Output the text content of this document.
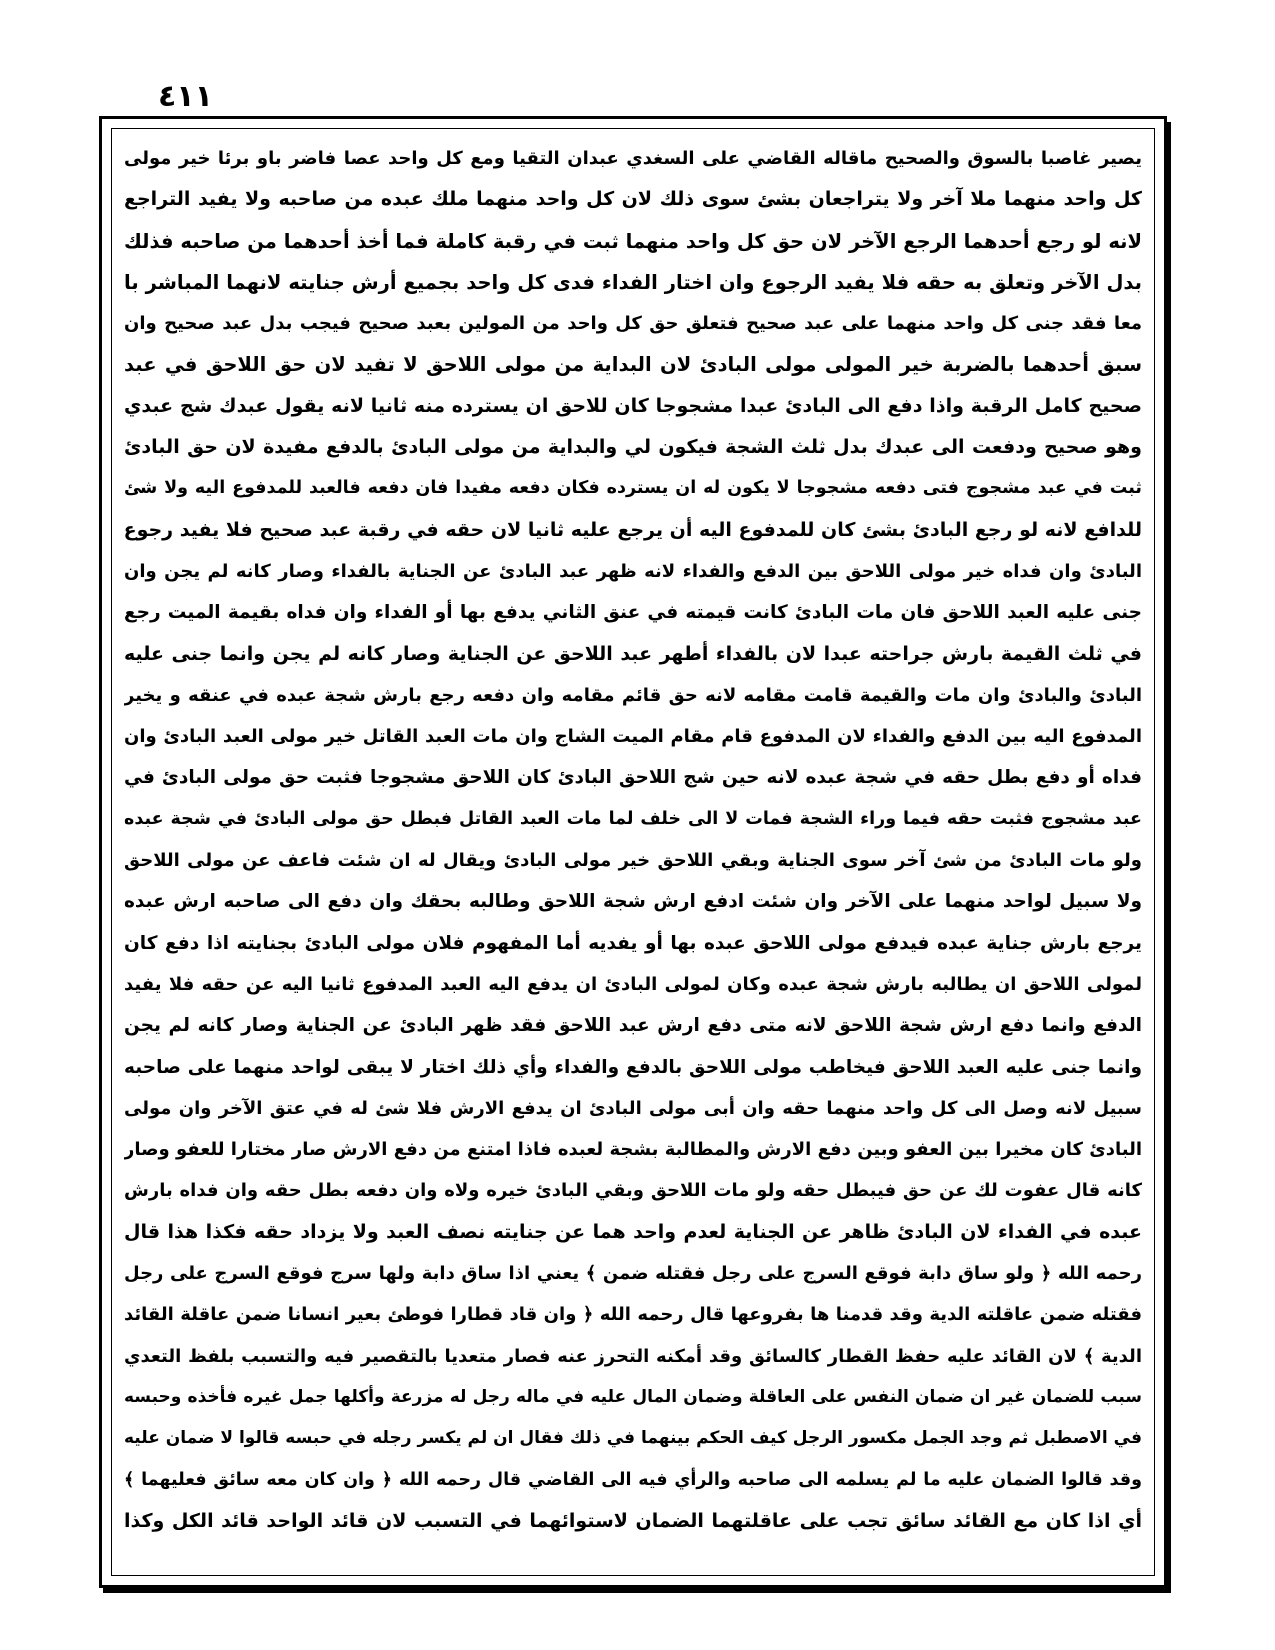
٤١١
يصير غاصبا بالسوق والصحيح ماقاله القاضي على السغدي عبدان التقيا ومع كل واحد عصا فاضر باو برئا خير مولى
كل واحد منهما ملا آخر ولا يتراجعان بشئ سوى ذلك لان كل واحد منهما ملك عبده من صاحبه ولا يفيد التراجع
لانه لو رجع أحدهما الرجع الآخر لان حق كل واحد منهما ثبت في رقبة كاملة فما أخذ أحدهما من صاحبه فذلك
بدل الآخر وتعلق به حقه فلا يفيد الرجوع وان اختار الفداء فدى كل واحد بجميع أرش جنايته لانهما المباشر با
معا فقد جنى كل واحد منهما على عبد صحيح فتعلق حق كل واحد من المولين بعبد صحيح فيجب بدل عبد صحيح وان
سبق أحدهما بالضربة خير المولى مولى البادئ لان البداية من مولى اللاحق لا تفيد لان حق اللاحق في عبد
صحيح كامل الرقبة واذا دفع الى البادئ عبدا مشجوجا كان للاحق ان يسترده منه ثانيا لانه يقول عبدك شج عبدي
وهو صحيح ودفعت الى عبدك بدل ثلث الشجة فيكون لي والبداية من مولى البادئ بالدفع مفيدة لان حق البادئ
ثبت في عبد مشجوج فتى دفعه مشجوجا لا يكون له ان يسترده فكان دفعه مفيدا فان دفعه فالعبد للمدفوع اليه ولا شئ
للدافع لانه لو رجع البادئ بشئ كان للمدفوع اليه أن يرجع عليه ثانيا لان حقه في رقبة عبد صحيح فلا يفيد رجوع
البادئ وان فداه خير مولى اللاحق بين الدفع والفداء لانه ظهر عبد البادئ عن الجناية بالفداء وصار كانه لم يجن وان
جنى عليه العبد اللاحق فان مات البادئ كانت قيمته في عنق الثاني يدفع بها أو الفداء وان فداه بقيمة الميت رجع
في ثلث القيمة بارش جراحته عبدا لان بالفداء أطهر عبد اللاحق عن الجناية وصار كانه لم يجن وانما جنى عليه
البادئ والبادئ وان مات والقيمة قامت مقامه لانه حق قائم مقامه وان دفعه رجع بارش شجة عبده في عنقه و يخير
المدفوع اليه بين الدفع والفداء لان المدفوع قام مقام الميت الشاج وان مات العبد القاتل خير مولى العبد البادئ وان
فداه أو دفع بطل حقه في شجة عبده لانه حين شج اللاحق البادئ كان اللاحق مشجوجا فثبت حق مولى البادئ في
عبد مشجوج فثبت حقه فيما وراء الشجة فمات لا الى خلف لما مات العبد القاتل فبطل حق مولى البادئ في شجة عبده
ولو مات البادئ من شئ آخر سوى الجناية وبقي اللاحق خير مولى البادئ ويقال له ان شئت فاعف عن مولى اللاحق
ولا سبيل لواحد منهما على الآخر وان شئت ادفع ارش شجة اللاحق وطالبه بحقك وان دفع الى صاحبه ارش عبده
يرجع بارش جناية عبده فيدفع مولى اللاحق عبده بها أو يفديه أما المفهوم فلان مولى البادئ بجنايته اذا دفع كان
لمولى اللاحق ان يطالبه بارش شجة عبده وكان لمولى البادئ ان يدفع اليه العبد المدفوع ثانيا اليه عن حقه فلا يفيد
الدفع وانما دفع ارش شجة اللاحق لانه متى دفع ارش عبد اللاحق فقد ظهر البادئ عن الجناية وصار كانه لم يجن
وانما جنى عليه العبد اللاحق فيخاطب مولى اللاحق بالدفع والفداء وأي ذلك اختار لا يبقى لواحد منهما على صاحبه
سبيل لانه وصل الى كل واحد منهما حقه وان أبى مولى البادئ ان يدفع الارش فلا شئ له في عتق الآخر وان مولى
البادئ كان مخيرا بين العفو وبين دفع الارش والمطالبة بشجة لعبده فاذا امتنع من دفع الارش صار مختارا للعفو وصار
كانه قال عفوت لك عن حق فيبطل حقه ولو مات اللاحق وبقي البادئ خيره ولاه وان دفعه بطل حقه وان فداه بارش
عبده في الفداء لان البادئ ظاهر عن الجناية لعدم واحد هما عن جنايته نصف العبد ولا يزداد حقه فكذا هذا قال
رحمه الله ﴿ ولو ساق دابة فوقع السرج على رجل فقتله ضمن ﴾ يعني اذا ساق دابة ولها سرج فوقع السرج على رجل
فقتله ضمن عاقلته الدية وقد قدمنا ها بفروعها قال رحمه الله ﴿ وان قاد قطارا فوطئ بعير انسانا ضمن عاقلة القائد
الدية ﴾ لان القائد عليه حفظ القطار كالسائق وقد أمكنه التحرز عنه فصار متعديا بالتقصير فيه والتسبب بلفظ التعدي
سبب للضمان غير ان ضمان النفس على العاقلة وضمان المال عليه في ماله رجل له مزرعة وأكلها جمل غيره فأخذه وحبسه
في الاصطبل ثم وجد الجمل مكسور الرجل كيف الحكم بينهما في ذلك فقال ان لم يكسر رجله في حبسه قالوا لا ضمان عليه
وقد قالوا الضمان عليه ما لم يسلمه الى صاحبه والرأي فيه الى القاضي قال رحمه الله ﴿ وان كان معه سائق فعليهما ﴾
أي اذا كان مع القائد سائق تجب على عاقلتهما الضمان لاستوائهما في التسبب لان قائد الواحد قائد الكل وكذا
